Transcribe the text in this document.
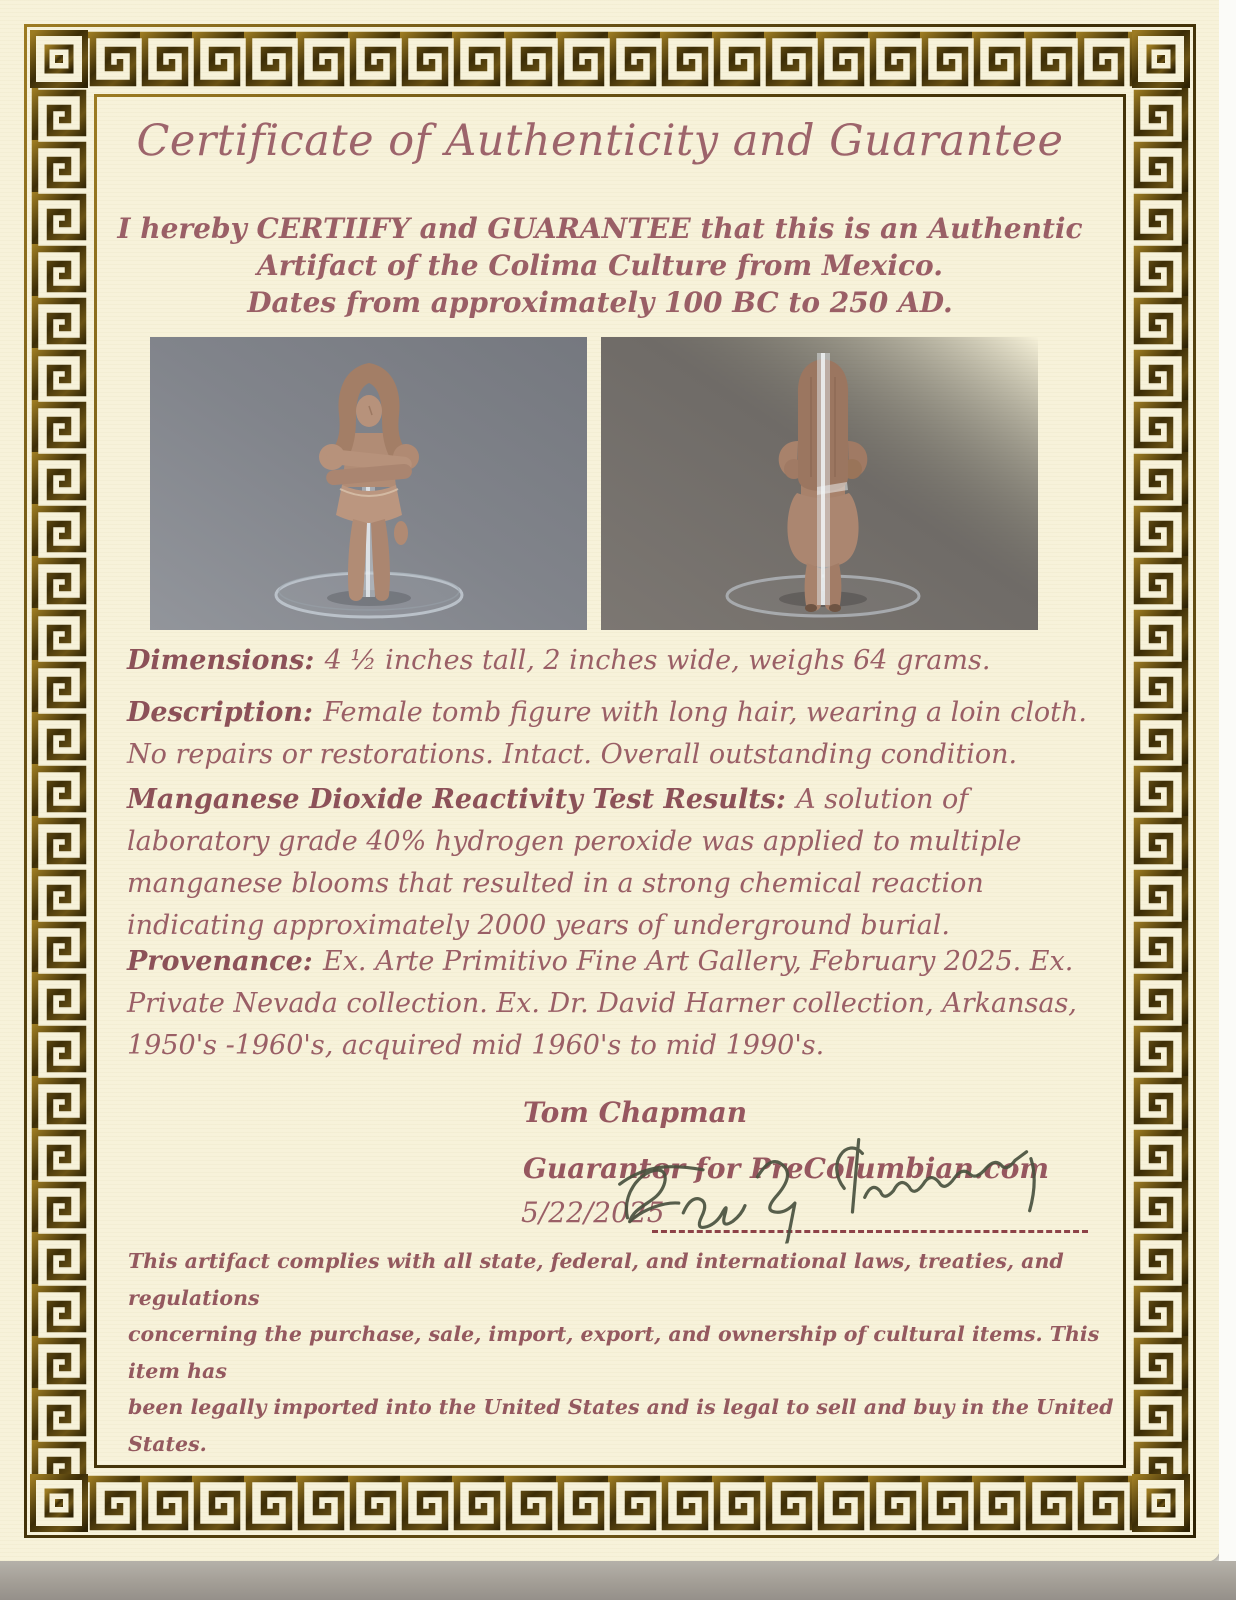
Certificate of Authenticity and Guarantee
I hereby CERTIIFY and GUARANTEE that this is an Authentic
Artifact of the Colima Culture from Mexico.
Dates from approximately 100 BC to 250 AD.

Dimensions: 4 ½ inches tall, 2 inches wide, weighs 64 grams.

Description: Female tomb figure with long hair, wearing a loin cloth. No repairs or restorations. Intact. Overall outstanding condition.

Manganese Dioxide Reactivity Test Results: A solution of laboratory grade 40% hydrogen peroxide was applied to multiple manganese blooms that resulted in a strong chemical reaction indicating approximately 2000 years of underground burial.

Provenance: Ex. Arte Primitivo Fine Art Gallery, February 2025. Ex. Private Nevada collection. Ex. Dr. David Harner collection, Arkansas, 1950's -1960's, acquired mid 1960's to mid 1990's.

Tom Chapman
Guarantor for PreColumbian.com
5/22/2025
This artifact complies with all state, federal, and international laws, treaties, and regulations
concerning the purchase, sale, import, export, and ownership of cultural items. This item has
been legally imported into the United States and is legal to sell and buy in the United States.
